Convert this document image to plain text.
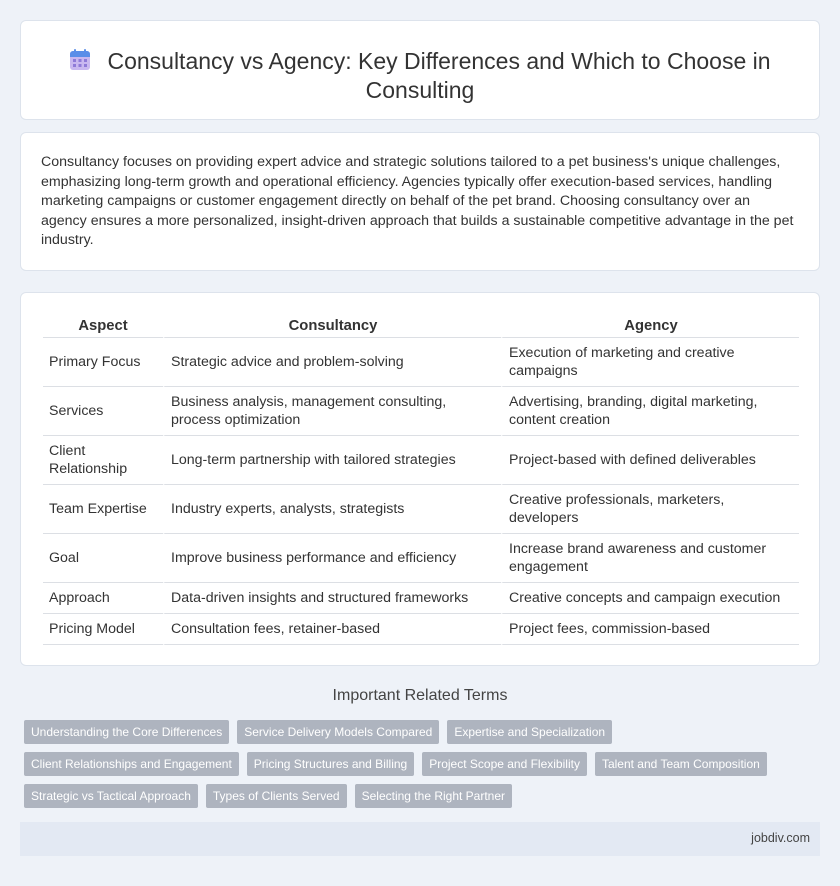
Consultancy vs Agency: Key Differences and Which to Choose in Consulting

Consultancy focuses on providing expert advice and strategic solutions tailored to a pet business's unique challenges, emphasizing long-term growth and operational efficiency. Agencies typically offer execution-based services, handling marketing campaigns or customer engagement directly on behalf of the pet brand. Choosing consultancy over an agency ensures a more personalized, insight-driven approach that builds a sustainable competitive advantage in the pet industry.

Aspect	Consultancy	Agency
Primary Focus	Strategic advice and problem-solving	Execution of marketing and creative campaigns
Services	Business analysis, management consulting, process optimization	Advertising, branding, digital marketing, content creation
Client Relationship	Long-term partnership with tailored strategies	Project-based with defined deliverables
Team Expertise	Industry experts, analysts, strategists	Creative professionals, marketers, developers
Goal	Improve business performance and efficiency	Increase brand awareness and customer engagement
Approach	Data-driven insights and structured frameworks	Creative concepts and campaign execution
Pricing Model	Consultation fees, retainer-based	Project fees, commission-based
Important Related Terms
Understanding the Core Differences	Service Delivery Models Compared	Expertise and Specialization
Client Relationships and Engagement	Pricing Structures and Billing	Project Scope and Flexibility	Talent and Team Composition
Strategic vs Tactical Approach	Types of Clients Served	Selecting the Right Partner
jobdiv.com
